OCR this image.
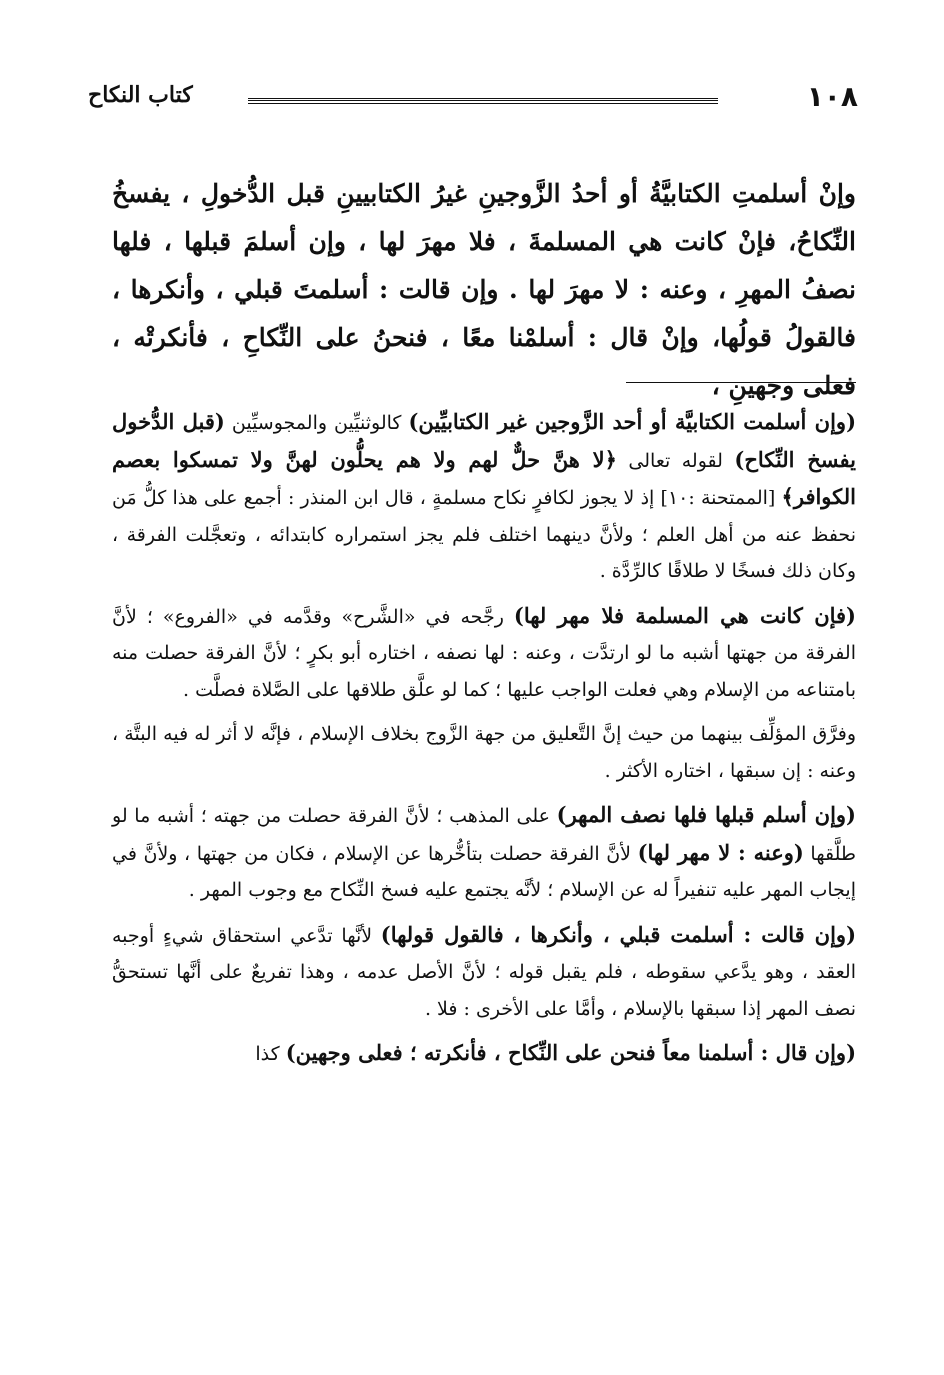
١٠٨
كتاب النكاح

وإنْ أسلمتِ الكتابيَّةُ أو أحدُ الزَّوجينِ غيرُ الكتابيينِ قبل الدُّخولِ ، يفسخُ النِّكاحُ، فإنْ كانت هي المسلمةَ ، فلا مهرَ لها ، وإن أسلمَ قبلها ، فلها نصفُ المهرِ ، وعنه : لا مهرَ لها . وإن قالت : أسلمتَ قبلي ، وأنكرها ، فالقولُ قولُها، وإنْ قال : أسلمْنا معًا ، فنحنُ على النِّكاحِ ، فأنكرتْه ، فعلى وجهينِ ،

(وإن أسلمت الكتابيَّة أو أحد الزَّوجين غير الكتابيِّين) كالوثنيِّين والمجوسيِّين (قبل الدُّخول يفسخ النِّكاح) لقوله تعالى ﴿لا هنَّ حلٌّ لهم ولا هم يحلُّون لهنَّ ولا تمسكوا بعصم الكوافر﴾ [الممتحنة :١٠] إذ لا يجوز لكافرٍ نكاح مسلمةٍ ، قال ابن المنذر : أجمع على هذا كلُّ مَن نحفظ عنه من أهل العلم ؛ ولأنَّ دينهما اختلف فلم يجز استمراره كابتدائه ، وتعجَّلت الفرقة ، وكان ذلك فسخًا لا طلاقًا كالرِّدَّة .

(فإن كانت هي المسلمة فلا مهر لها) رجَّحه في «الشَّرح» وقدَّمه في «الفروع» ؛ لأنَّ الفرقة من جهتها أشبه ما لو ارتدَّت ، وعنه : لها نصفه ، اختاره أبو بكرٍ ؛ لأنَّ الفرقة حصلت منه بامتناعه من الإسلام وهي فعلت الواجب عليها ؛ كما لو علَّق طلاقها على الصَّلاة فصلَّت .

وفرَّق المؤلِّف بينهما من حيث إنَّ التَّعليق من جهة الزَّوج بخلاف الإسلام ، فإنَّه لا أثر له فيه البتَّة ، وعنه : إن سبقها ، اختاره الأكثر .

(وإن أسلم قبلها فلها نصف المهر) على المذهب ؛ لأنَّ الفرقة حصلت من جهته ؛ أشبه ما لو طلَّقها (وعنه : لا مهر لها) لأنَّ الفرقة حصلت بتأخُّرها عن الإسلام ، فكان من جهتها ، ولأنَّ في إيجاب المهر عليه تنفيراً له عن الإسلام ؛ لأنَّه يجتمع عليه فسخ النِّكاح مع وجوب المهر .

(وإن قالت : أسلمت قبلي ، وأنكرها ، فالقول قولها) لأنَّها تدَّعي استحقاق شيءٍ أوجبه العقد ، وهو يدَّعي سقوطه ، فلم يقبل قوله ؛ لأنَّ الأصل عدمه ، وهذا تفريعٌ على أنَّها تستحقُّ نصف المهر إذا سبقها بالإسلام ، وأمَّا على الأخرى : فلا .

(وإن قال : أسلمنا معاً فنحن على النِّكاح ، فأنكرته ؛ فعلى وجهين) كذا
